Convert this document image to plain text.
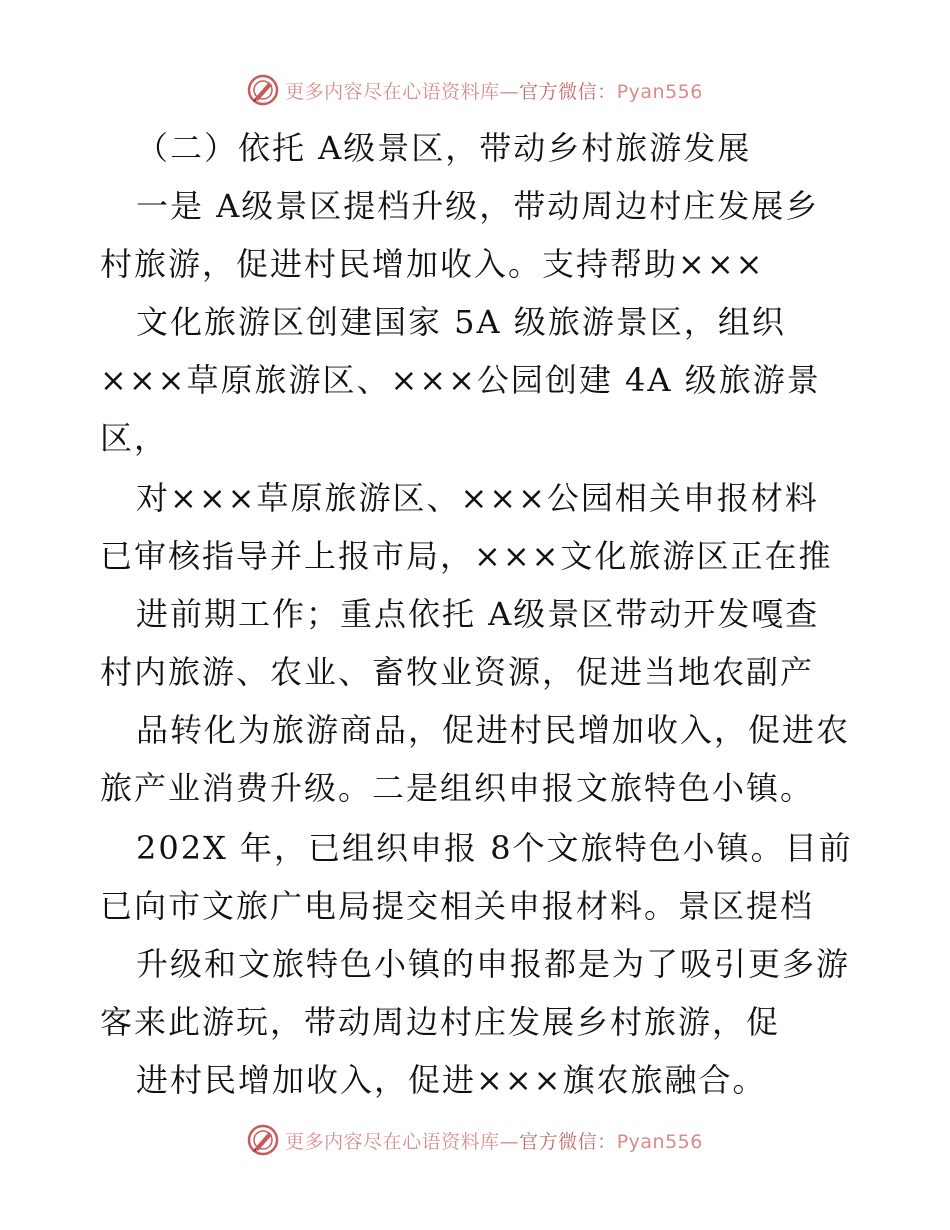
更多内容尽在心语资料库—官方微信：Pyan556
（二）依托 A级景区，带动乡村旅游发展
一是 A级景区提档升级，带动周边村庄发展乡
村旅游，促进村民增加收入。支持帮助×××
文化旅游区创建国家 5A 级旅游景区，组织
×××草原旅游区、×××公园创建 4A 级旅游景
区，
对×××草原旅游区、×××公园相关申报材料
已审核指导并上报市局，×××文化旅游区正在推
进前期工作；重点依托 A级景区带动开发嘎查
村内旅游、农业、畜牧业资源，促进当地农副产
品转化为旅游商品，促进村民增加收入，促进农
旅产业消费升级。二是组织申报文旅特色小镇。
202X 年，已组织申报 8个文旅特色小镇。目前
已向市文旅广电局提交相关申报材料。景区提档
升级和文旅特色小镇的申报都是为了吸引更多游
客来此游玩，带动周边村庄发展乡村旅游，促
进村民增加收入，促进×××旗农旅融合。
更多内容尽在心语资料库—官方微信：Pyan556
